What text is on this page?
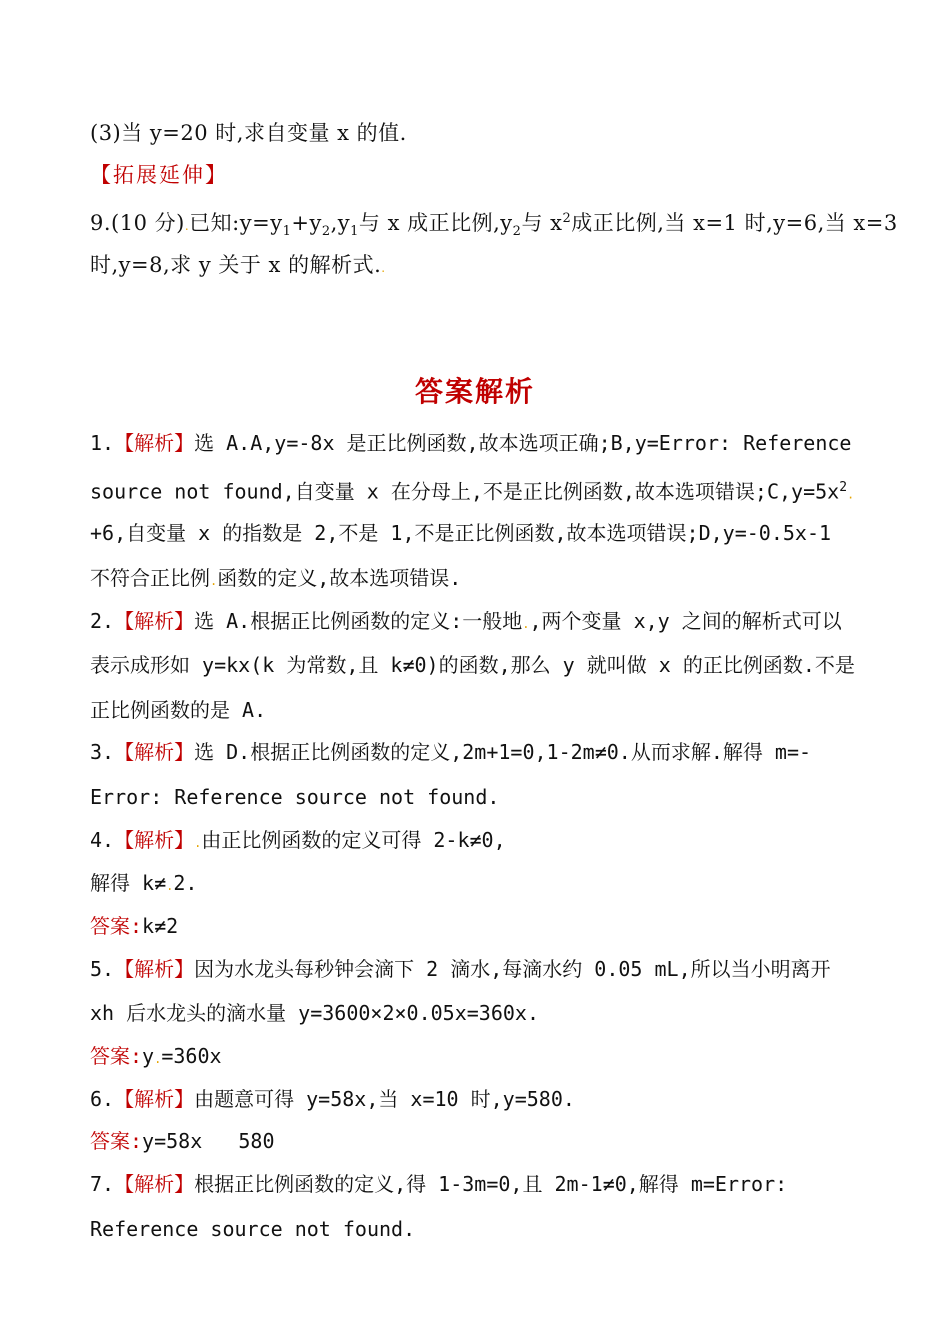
(3)当 y=20 时,求自变量 x 的值.
【拓展延伸】
9.(10 分).已知$:y=y_1+y_2,y_1$与 x 成正比例$,y_2$与 $x^2$成正比例,当 x=1 时,y=6,当 x=3
时,y=8,求 y 关于 x 的解析式..
答案解析
1.【解析】选 A.A,y=-8x 是正比例函数,故本选项正确;B,y=Error: Reference
source not found,自变量 x 在分母上,不是正比例函数,故本选项错误$;C,y=5x^2$.
+6,自变量 x 的指数是 2,不是 1,不是正比例函数,故本选项错误;D,y=-0.5x-1
不符合正比例.函数的定义,故本选项错误.
2.【解析】选 A.根据正比例函数的定义:一般地.,两个变量 x,y 之间的解析式可以
表示成形如 y=kx(k 为常数,且 k≠0)的函数,那么 y 就叫做 x 的正比例函数.不是
正比例函数的是 A.
3.【解析】选 D.根据正比例函数的定义,2m+1=0,1-2m≠0.从而求解.解得 m=-
Error: Reference source not found.
4.【解析】.由正比例函数的定义可得 2-k≠0,
解得 k≠.2.
答案:k≠2
5.【解析】因为水龙头每秒钟会滴下 2 滴水,每滴水约 0.05 mL,所以当小明离开
xh 后水龙头的滴水量 y=3600×2×0.05x=360x.
答案:y.=360x
6.【解析】由题意可得 y=58x,当 x=10 时,y=580.
答案:y=58x   580
7.【解析】根据正比例函数的定义,得 1-3m=0,且 2m-1≠0,解得 m=Error:
Reference source not found.
